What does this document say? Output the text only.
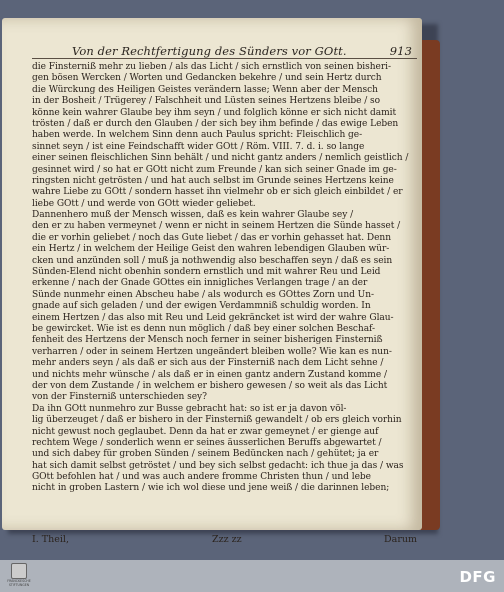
Von der Rechtfertigung des Sünders vor GOtt.	913
die Finsterniß mehr zu lieben / als das Licht / sich ernstlich von seinen bisheri-
gen bösen Wercken / Worten und Gedancken bekehre / und sein Hertz durch
die Würckung des Heiligen Geistes verändern lasse; Wenn aber der Mensch
in der Bosheit / Trügerey / Falschheit und Lüsten seines Hertzens bleibe / so
könne kein wahrer Glaube bey ihm seyn / und folglich könne er sich nicht damit
trösten / daß er durch den Glauben / der sich bey ihm befinde / das ewige Leben
haben werde. In welchem Sinn denn auch Paulus spricht: Fleischlich ge-
sinnet seyn / ist eine Feindschafft wider GOtt / Röm. VIII. 7. d. i. so lange
einer seinen fleischlichen Sinn behält / und nicht gantz anders / nemlich geistlich /
gesinnet wird / so hat er GOtt nicht zum Freunde / kan sich seiner Gnade im ge-
ringsten nicht getrösten / und hat auch selbst im Grunde seines Hertzens keine
wahre Liebe zu GOtt / sondern hasset ihn vielmehr ob er sich gleich einbildet / er
liebe GOtt / und werde von GOtt wieder geliebet.
Dannenhero muß der Mensch wissen, daß es kein wahrer Glaube sey /
den er zu haben vermeynet / wenn er nicht in seinem Hertzen die Sünde hasset /
die er vorhin geliebet / noch das Gute liebet / das er vorhin gehasset hat. Denn
ein Hertz / in welchem der Heilige Geist den wahren lebendigen Glauben wür-
cken und anzünden soll / muß ja nothwendig also beschaffen seyn / daß es sein
Sünden-Elend nicht obenhin sondern ernstlich und mit wahrer Reu und Leid
erkenne / nach der Gnade GOttes ein innigliches Verlangen trage / an der
Sünde nunmehr einen Abscheu habe / als wodurch es GOttes Zorn und Un-
gnade auf sich geladen / und der ewigen Verdammniß schuldig worden. In
einem Hertzen / das also mit Reu und Leid gekräncket ist wird der wahre Glau-
be gewircket. Wie ist es denn nun möglich / daß bey einer solchen Beschaf-
fenheit des Hertzens der Mensch noch ferner in seiner bisherigen Finsterniß
verharren / oder in seinem Hertzen ungeändert bleiben wolle? Wie kan es nun-
mehr anders seyn / als daß er sich aus der Finsterniß nach dem Licht sehne /
und nichts mehr wünsche / als daß er in einen gantz andern Zustand komme /
der von dem Zustande / in welchem er bishero gewesen / so weit als das Licht
von der Finsterniß unterschieden sey?
Da ihn GOtt nunmehro zur Busse gebracht hat: so ist er ja davon völ-
lig überzeuget / daß er bishero in der Finsterniß gewandelt / ob ers gleich vorhin
nicht gewust noch geglaubet. Denn da hat er zwar gemeynet / er gienge auf
rechtem Wege / sonderlich wenn er seines äusserlichen Beruffs abgewartet /
und sich dabey für groben Sünden / seinem Bedüncken nach / gehütet; ja er
hat sich damit selbst getröstet / und bey sich selbst gedacht: ich thue ja das / was
GOtt befohlen hat / und was auch andere fromme Christen thun / und lebe
nicht in groben Lastern / wie ich wol diese und jene weiß / die darinnen leben;
I. Theil,	Zzz zz	Darum
FRANCKESCHE STIFTUNGEN	DFG
